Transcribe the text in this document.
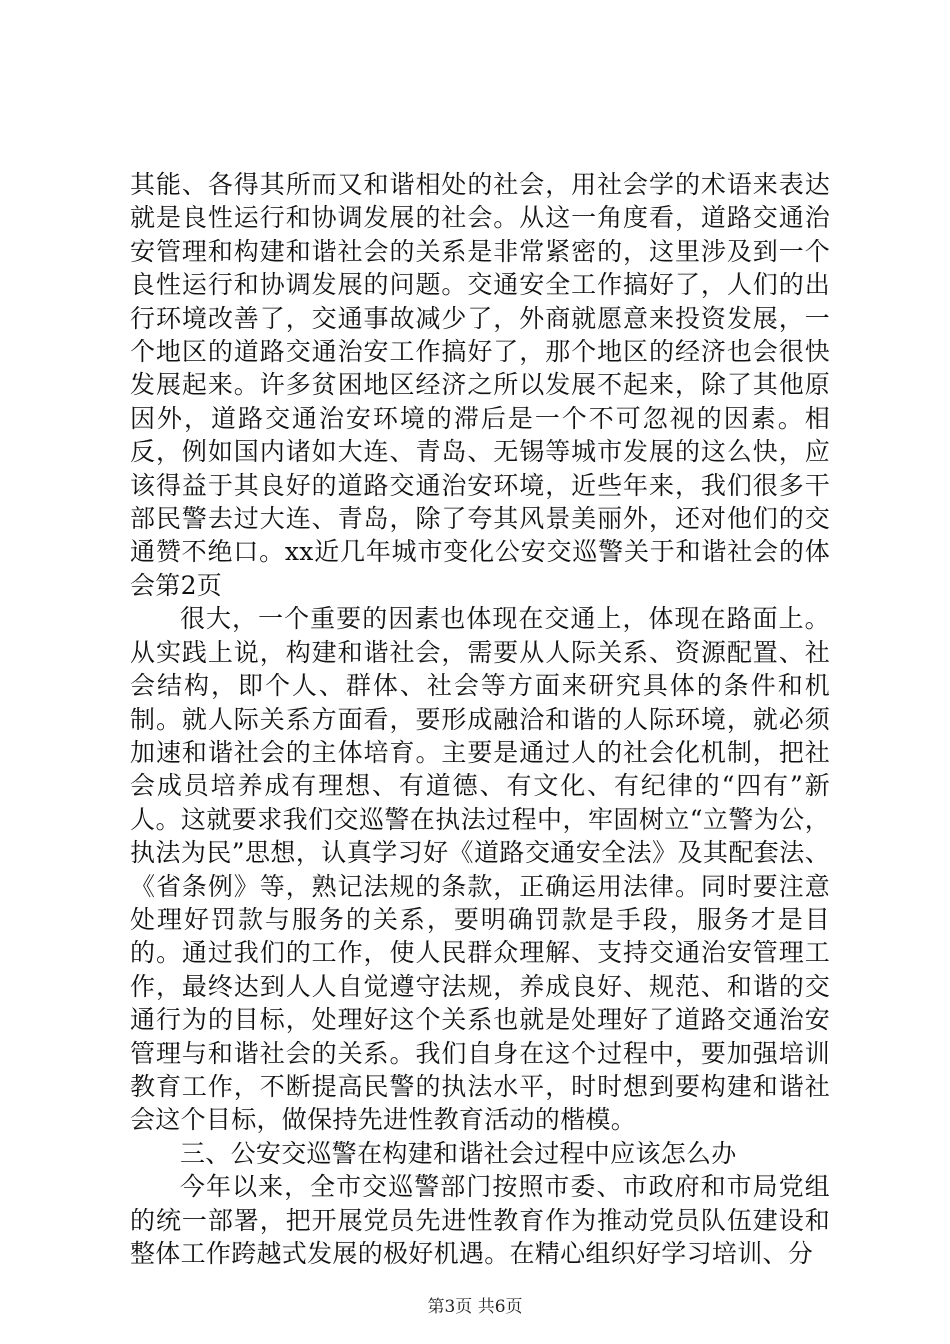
其能、各得其所而又和谐相处的社会，用社会学的术语来表达就是良性运行和协调发展的社会。从这一角度看，道路交通治安管理和构建和谐社会的关系是非常紧密的，这里涉及到一个良性运行和协调发展的问题。交通安全工作搞好了，人们的出行环境改善了，交通事故减少了，外商就愿意来投资发展，一个地区的道路交通治安工作搞好了，那个地区的经济也会很快发展起来。许多贫困地区经济之所以发展不起来，除了其他原因外，道路交通治安环境的滞后是一个不可忽视的因素。相反，例如国内诸如大连、青岛、无锡等城市发展的这么快，应该得益于其良好的道路交通治安环境，近些年来，我们很多干部民警去过大连、青岛，除了夸其风景美丽外，还对他们的交通赞不绝口。xx近几年城市变化公安交巡警关于和谐社会的体会第2页

很大，一个重要的因素也体现在交通上，体现在路面上。从实践上说，构建和谐社会，需要从人际关系、资源配置、社会结构，即个人、群体、社会等方面来研究具体的条件和机制。就人际关系方面看，要形成融洽和谐的人际环境，就必须加速和谐社会的主体培育。主要是通过人的社会化机制，把社会成员培养成有理想、有道德、有文化、有纪律的“四有”新人。这就要求我们交巡警在执法过程中，牢固树立“立警为公，执法为民”思想，认真学习好《道路交通安全法》及其配套法、《省条例》等，熟记法规的条款，正确运用法律。同时要注意处理好罚款与服务的关系，要明确罚款是手段，服务才是目的。通过我们的工作，使人民群众理解、支持交通治安管理工作，最终达到人人自觉遵守法规，养成良好、规范、和谐的交通行为的目标，处理好这个关系也就是处理好了道路交通治安管理与和谐社会的关系。我们自身在这个过程中，要加强培训教育工作，不断提高民警的执法水平，时时想到要构建和谐社会这个目标，做保持先进性教育活动的楷模。

三、公安交巡警在构建和谐社会过程中应该怎么办

今年以来，全市交巡警部门按照市委、市政府和市局党组的统一部署，把开展党员先进性教育作为推动党员队伍建设和整体工作跨越式发展的极好机遇。在精心组织好学习培训、分

第3页 共6页
